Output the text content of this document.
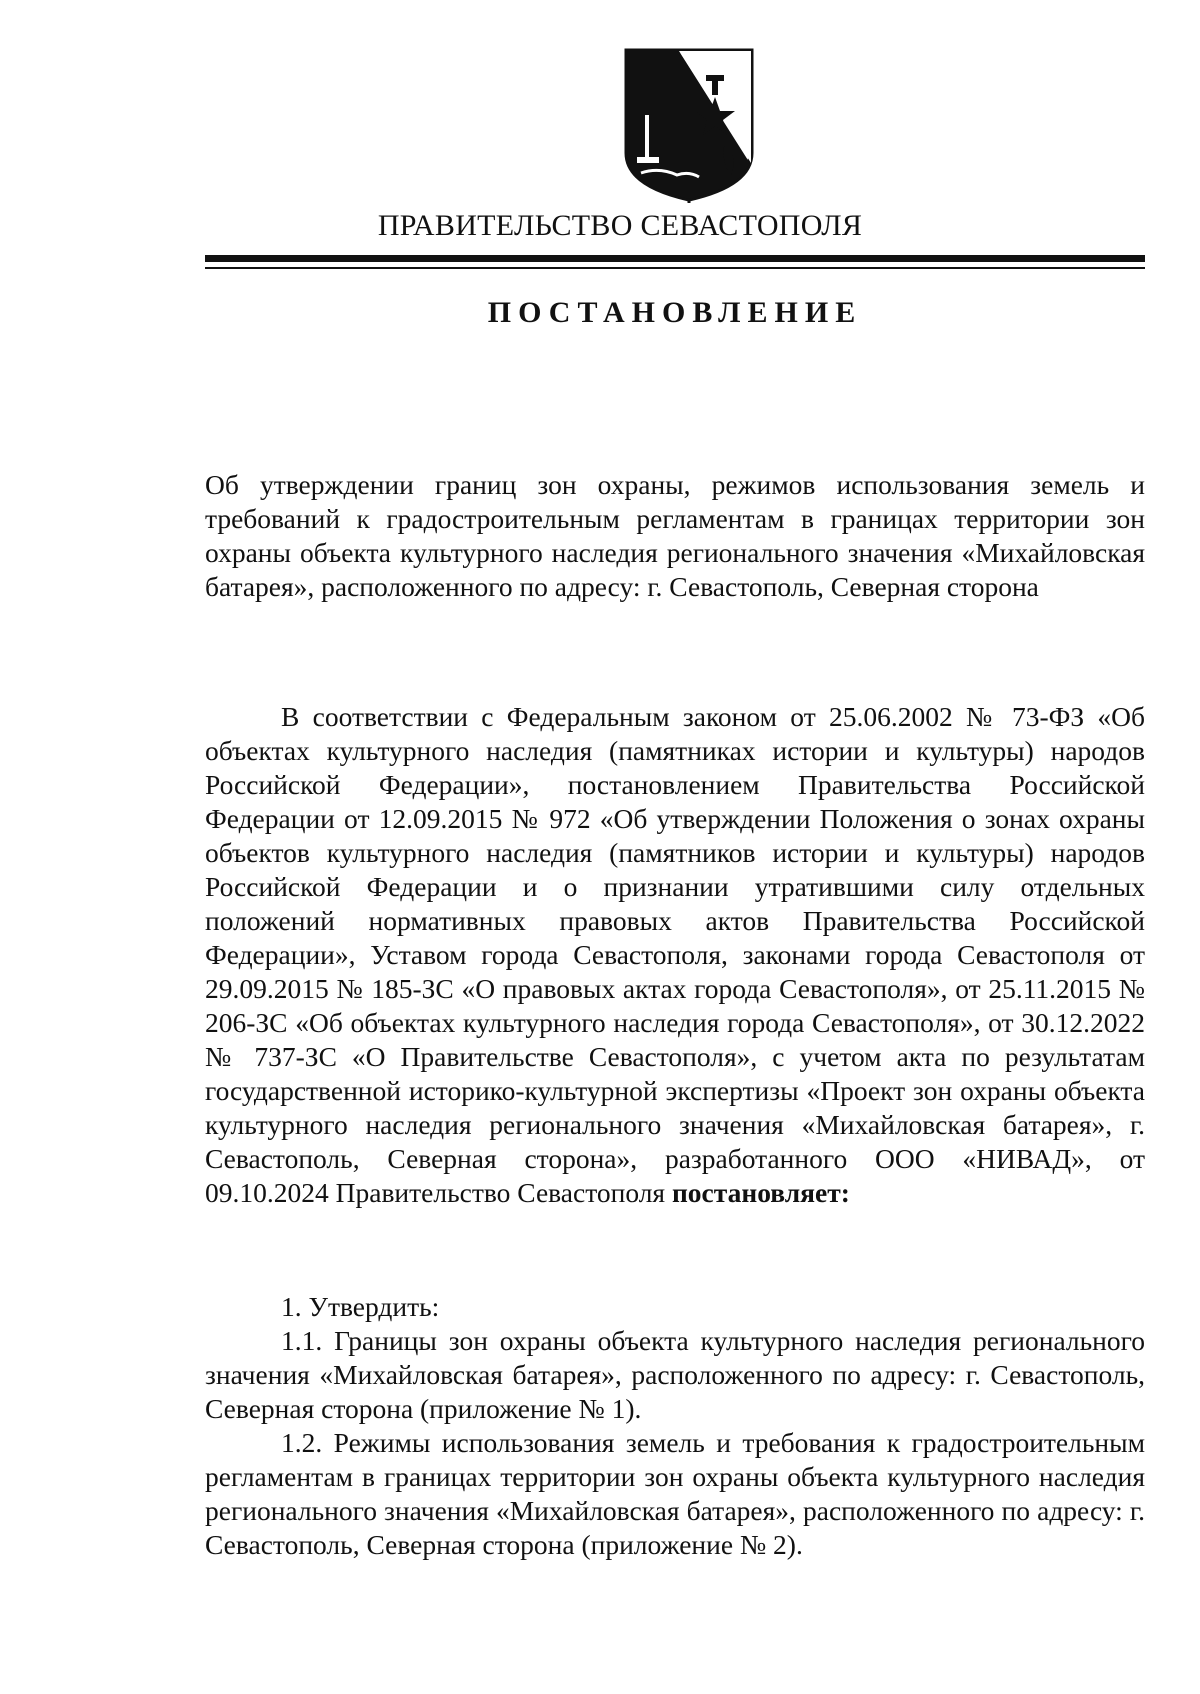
ПРАВИТЕЛЬСТВО СЕВАСТОПОЛЯ
ПОСТАНОВЛЕНИЕ
Об утверждении границ зон охраны, режимов использования земель и требований к градостроительным регламентам в границах территории зон охраны объекта культурного наследия регионального значения «Михайловская батарея», расположенного по адресу: г. Севастополь, Северная сторона
В соответствии с Федеральным законом от 25.06.2002 № 73-ФЗ «Об объектах культурного наследия (памятниках истории и культуры) народов Российской Федерации», постановлением Правительства Российской Федерации от 12.09.2015 № 972 «Об утверждении Положения о зонах охраны объектов культурного наследия (памятников истории и культуры) народов Российской Федерации и о признании утратившими силу отдельных положений нормативных правовых актов Правительства Российской Федерации», Уставом города Севастополя, законами города Севастополя от 29.09.2015 № 185-ЗС «О правовых актах города Севастополя», от 25.11.2015 № 206-ЗС «Об объектах культурного наследия города Севастополя», от 30.12.2022 № 737-ЗС «О Правительстве Севастополя», с учетом акта по результатам государственной историко-культурной экспертизы «Проект зон охраны объекта культурного наследия регионального значения «Михайловская батарея», г. Севастополь, Северная сторона», разработанного ООО «НИВАД», от 09.10.2024 Правительство Севастополя постановляет:

1. Утвердить:

1.1. Границы зон охраны объекта культурного наследия регионального значения «Михайловская батарея», расположенного по адресу: г. Севастополь, Северная сторона (приложение № 1).

1.2. Режимы использования земель и требования к градостроительным регламентам в границах территории зон охраны объекта культурного наследия регионального значения «Михайловская батарея», расположенного по адресу: г. Севастополь, Северная сторона (приложение № 2).
